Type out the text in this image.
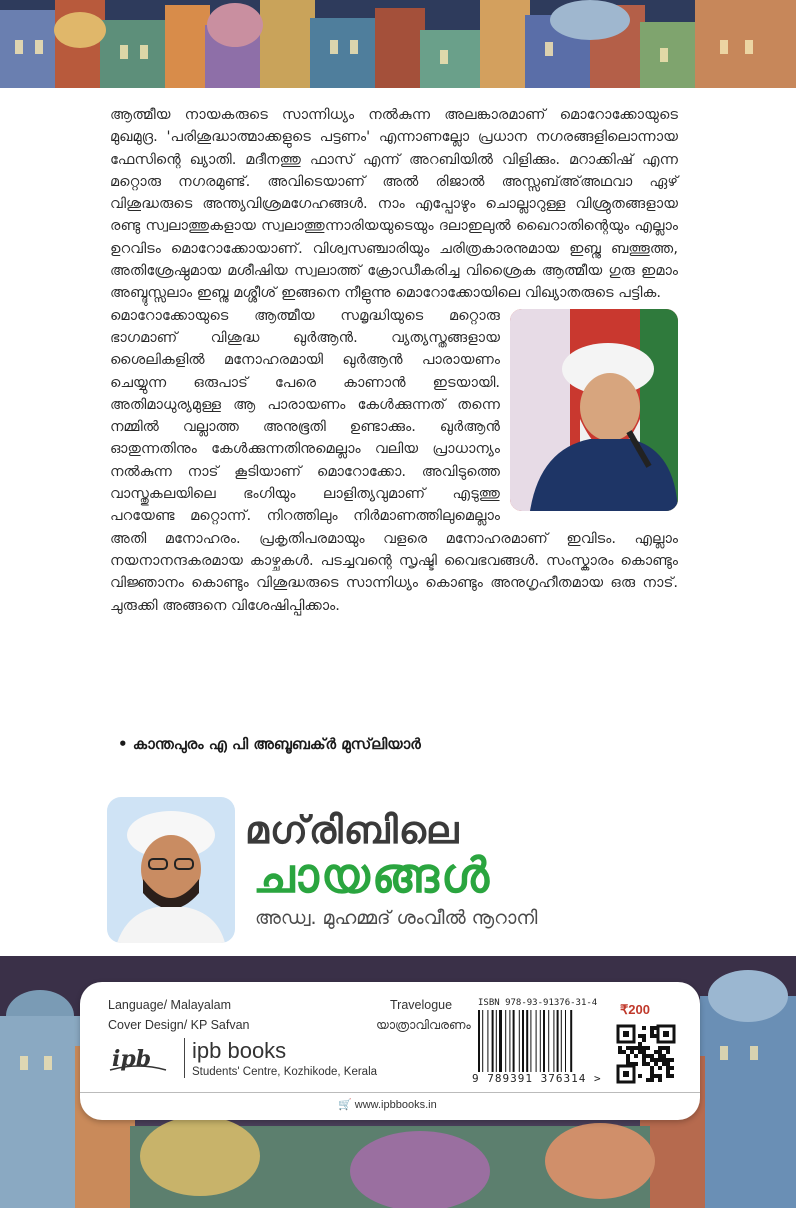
ആത്മീയ നായകരുടെ സാന്നിധ്യം നൽകുന്ന അലങ്കാരമാണ് മൊറോക്കോയുടെ മുഖമുദ്ര. 'പരിശുദ്ധാത്മാക്കളുടെ പട്ടണം' എന്നാണല്ലോ പ്രധാന നഗരങ്ങളിലൊന്നായ ഫേസിന്റെ ഖ്യാതി. മദീനത്തു ഫാസ് എന്ന് അറബിയിൽ വിളിക്കും. മറാക്കിഷ് എന്ന മറ്റൊരു നഗരമുണ്ട്. അവിടെയാണ് അൽ രിജാൽ അസ്സബ്അ്അഥവാ ഏഴ് വിശുദ്ധരുടെ അന്ത്യവിശ്രമഗേഹങ്ങൾ. നാം എപ്പോഴും ചൊല്ലാറുള്ള വിശ്രുതങ്ങളായ രണ്ടു സ്വലാത്തുകളായ സ്വലാത്തുന്നാരിയയുടെയും ദലാഇലുൽ ഖൈറാതിന്റെയും എല്ലാം ഉറവിടം മൊറോക്കോയാണ്. വിശ്വസഞ്ചാരിയും ചരിത്രകാരനുമായ ഇബ്നു ബത്തൂത്ത, അതിശ്രേഷ്ഠമായ മശീഷിയ സ്വലാത്ത് ക്രോഡീകരിച്ച വിശ്രൈക ആത്മീയ ഗുരു ഇമാം അബ്ദുസ്സലാം ഇബ്നു മശ്ശീശ് ഇങ്ങനെ നീളുന്നു മൊറോക്കോയിലെ വിഖ്യാതരുടെ പട്ടിക.

മൊറോക്കോയുടെ ആത്മീയ സമൃദ്ധിയുടെ മറ്റൊരു ഭാഗമാണ് വിശുദ്ധ ഖുർആൻ. വ്യത്യസ്തങ്ങളായ ശൈലികളിൽ മനോഹരമായി ഖുർആൻ പാരായണം ചെയ്യുന്ന ഒരുപാട് പേരെ കാണാൻ ഇടയായി. അതിമാധുര്യമുള്ള ആ പാരായണം കേൾക്കുന്നത് തന്നെ നമ്മിൽ വല്ലാത്ത അനുഭൂതി ഉണ്ടാക്കും. ഖുർആൻ ഓതുന്നതിനും കേൾക്കുന്നതിനുമെല്ലാം വലിയ പ്രാധാന്യം നൽകുന്ന നാട് കൂടിയാണ് മൊറോക്കോ. അവിടുത്തെ വാസ്തുകലയിലെ ഭംഗിയും ലാളിത്യവുമാണ് എടുത്തു പറയേണ്ട മറ്റൊന്ന്. നിറത്തിലും നിർമാണത്തിലുമെല്ലാം അതി മനോഹരം. പ്രകൃതിപരമായും വളരെ മനോഹരമാണ് ഇവിടം. എല്ലാം നയനാനന്ദകരമായ കാഴ്ചകൾ. പടച്ചവന്റെ സൃഷ്ടി വൈഭവങ്ങൾ. സംസ്കാരം കൊണ്ടും വിജ്ഞാനം കൊണ്ടും വിശുദ്ധരുടെ സാന്നിധ്യം കൊണ്ടും അനുഗൃഹീതമായ ഒരു നാട്. ചുരുക്കി അങ്ങനെ വിശേഷിപ്പിക്കാം.

• കാന്തപുരം എ പി അബൂബക്ർ മുസ്‌ലിയാർ
മഗ്‌രിബിലെ
ചായങ്ങൾ
അഡ്വ. മുഹമ്മദ് ശംവീൽ നൂറാനി
Language/ Malayalam
Cover Design/ KP Safvan
Travelogue
യാത്രാവിവരണം
ipb ipb books
Students' Centre, Kozhikode, Kerala
ISBN 978-93-91376-31-4
9 789391 376314 >
₹200
🛒 www.ipbbooks.in
